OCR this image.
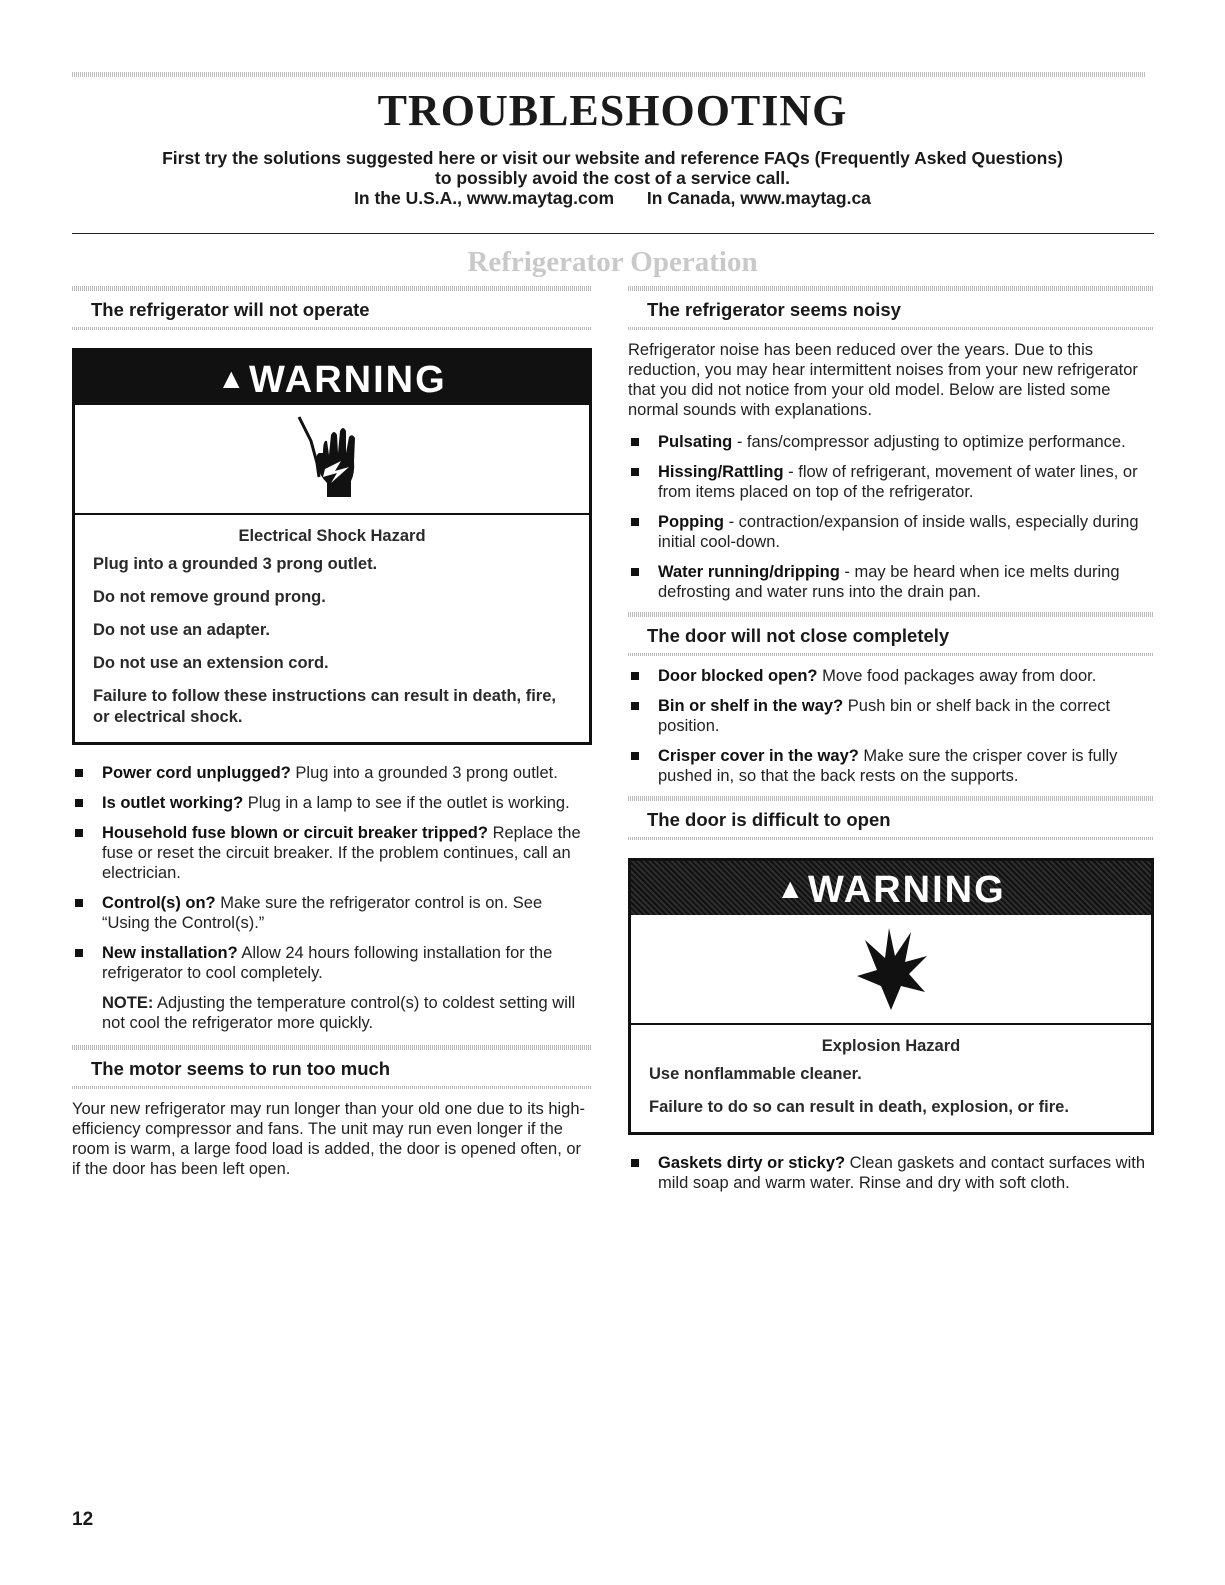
TROUBLESHOOTING
First try the solutions suggested here or visit our website and reference FAQs (Frequently Asked Questions)
to possibly avoid the cost of a service call.
In the U.S.A., www.maytag.com In Canada, www.maytag.ca
Refrigerator Operation
The refrigerator will not operate
▲WARNING
Electrical Shock Hazard

Plug into a grounded 3 prong outlet.

Do not remove ground prong.

Do not use an adapter.

Do not use an extension cord.

Failure to follow these instructions can result in death, fire, or electrical shock.

Power cord unplugged? Plug into a grounded 3 prong outlet.
Is outlet working? Plug in a lamp to see if the outlet is working.
Household fuse blown or circuit breaker tripped? Replace the fuse or reset the circuit breaker. If the problem continues, call an electrician.
Control(s) on? Make sure the refrigerator control is on. See “Using the Control(s).”
New installation? Allow 24 hours following installation for the refrigerator to cool completely.

NOTE: Adjusting the temperature control(s) to coldest setting will not cool the refrigerator more quickly.

The motor seems to run too much

Your new refrigerator may run longer than your old one due to its high-efficiency compressor and fans. The unit may run even longer if the room is warm, a large food load is added, the door is opened often, or if the door has been left open.

The refrigerator seems noisy

Refrigerator noise has been reduced over the years. Due to this reduction, you may hear intermittent noises from your new refrigerator that you did not notice from your old model. Below are listed some normal sounds with explanations.

Pulsating - fans/compressor adjusting to optimize performance.
Hissing/Rattling - flow of refrigerant, movement of water lines, or from items placed on top of the refrigerator.
Popping - contraction/expansion of inside walls, especially during initial cool-down.
Water running/dripping - may be heard when ice melts during defrosting and water runs into the drain pan.
The door will not close completely
Door blocked open? Move food packages away from door.
Bin or shelf in the way? Push bin or shelf back in the correct position.
Crisper cover in the way? Make sure the crisper cover is fully pushed in, so that the back rests on the supports.
The door is difficult to open
▲WARNING
Explosion Hazard

Use nonflammable cleaner.

Failure to do so can result in death, explosion, or fire.

Gaskets dirty or sticky? Clean gaskets and contact surfaces with mild soap and warm water. Rinse and dry with soft cloth.
12
